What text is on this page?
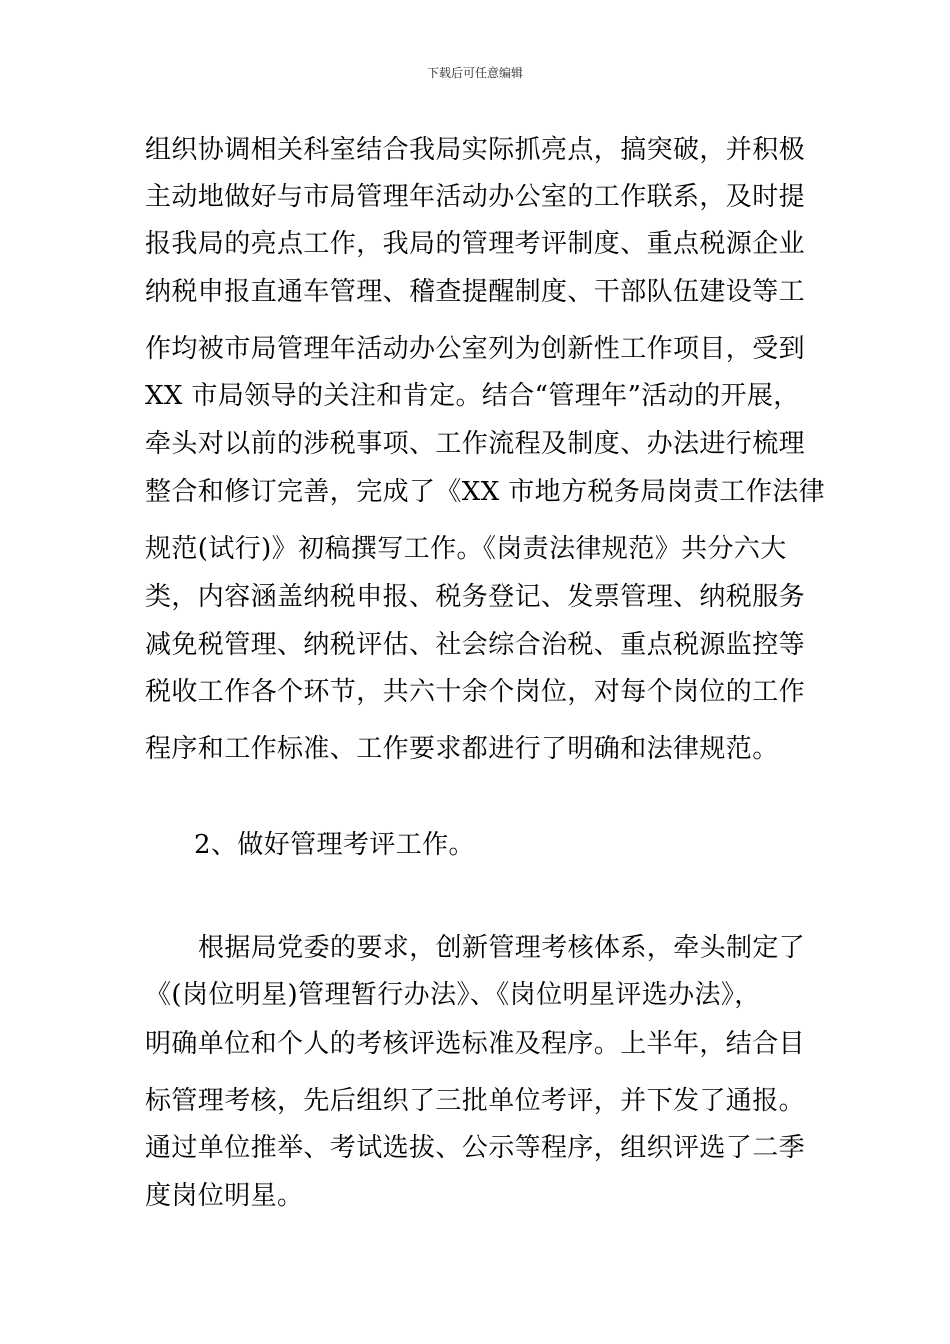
下载后可任意编辑
组织协调相关科室结合我局实际抓亮点，搞突破，并积极
主动地做好与市局管理年活动办公室的工作联系，及时提
报我局的亮点工作，我局的管理考评制度、重点税源企业
纳税申报直通车管理、稽查提醒制度、干部队伍建设等工
作均被市局管理年活动办公室列为创新性工作项目，受到
XX 市局领导的关注和肯定。结合“管理年”活动的开展，
牵头对以前的涉税事项、工作流程及制度、办法进行梳理
整合和修订完善，完成了《XX 市地方税务局岗责工作法律
规范(试行)》初稿撰写工作。《岗责法律规范》共分六大
类，内容涵盖纳税申报、税务登记、发票管理、纳税服务
减免税管理、纳税评估、社会综合治税、重点税源监控等
税收工作各个环节，共六十余个岗位，对每个岗位的工作
程序和工作标准、工作要求都进行了明确和法律规范。
2、做好管理考评工作。
根据局党委的要求，创新管理考核体系，牵头制定了
《(岗位明星)管理暂行办法》、《岗位明星评选办法》，
明确单位和个人的考核评选标准及程序。上半年，结合目
标管理考核，先后组织了三批单位考评，并下发了通报。
通过单位推举、考试选拔、公示等程序，组织评选了二季
度岗位明星。
